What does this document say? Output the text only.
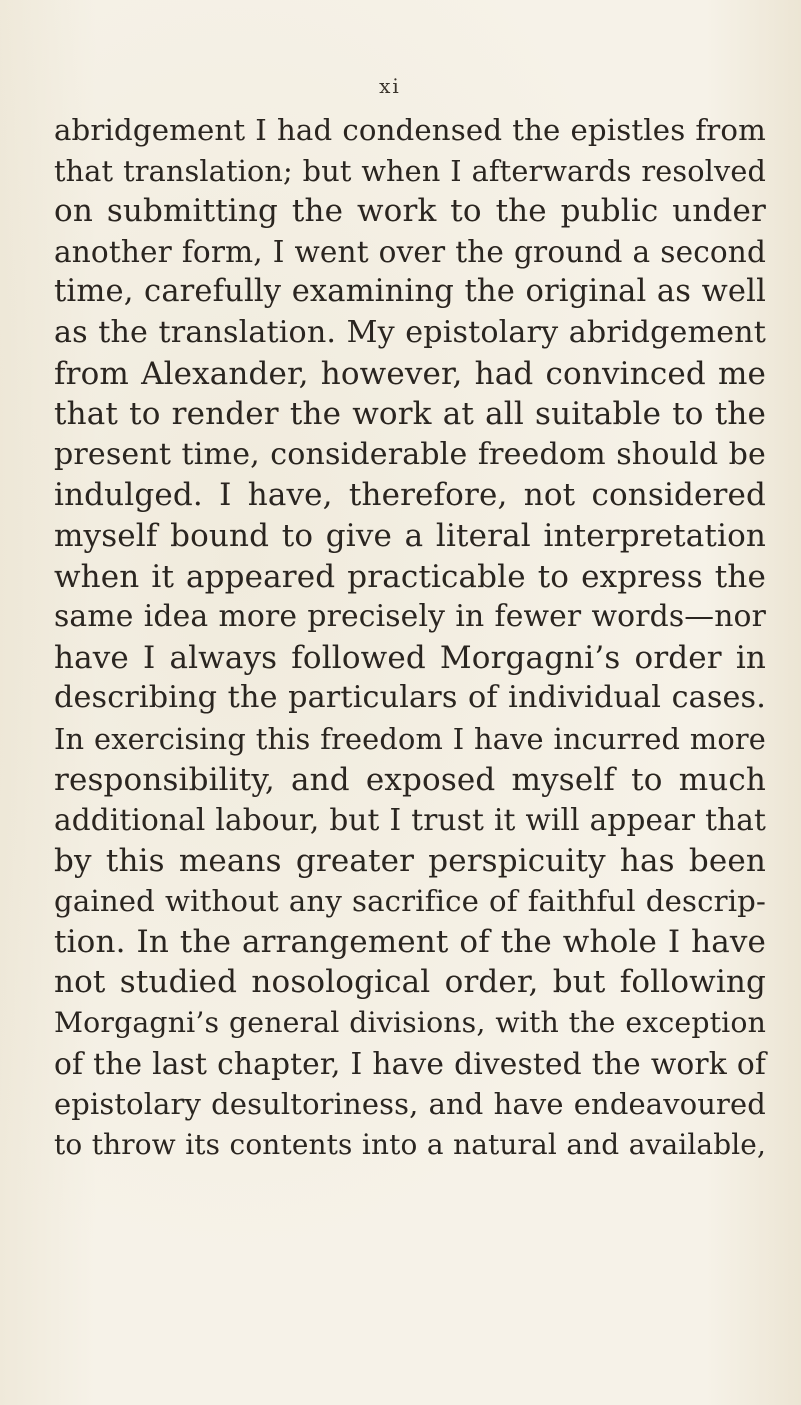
xi
abridgement I had condensed the epistles from
that translation; but when I afterwards resolved
on submitting the work to the public under
another form, I went over the ground a second
time, carefully examining the original as well
as the translation. My epistolary abridgement
from Alexander, however, had convinced me
that to render the work at all suitable to the
present time, considerable freedom should be
indulged. I have, therefore, not considered
myself bound to give a literal interpretation
when it appeared practicable to express the
same idea more precisely in fewer words—nor
have I always followed Morgagni’s order in
describing the particulars of individual cases.
In exercising this freedom I have incurred more
responsibility, and exposed myself to much
additional labour, but I trust it will appear that
by this means greater perspicuity has been
gained without any sacrifice of faithful descrip-
tion. In the arrangement of the whole I have
not studied nosological order, but following
Morgagni’s general divisions, with the exception
of the last chapter, I have divested the work of
epistolary desultoriness, and have endeavoured
to throw its contents into a natural and available,
